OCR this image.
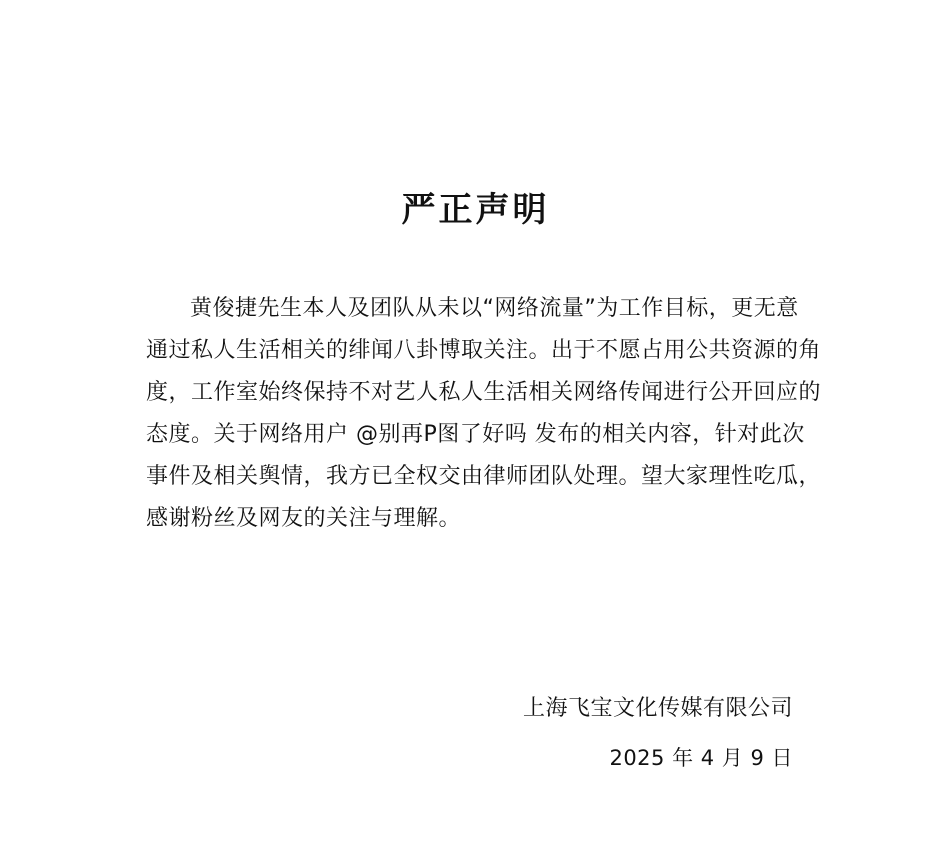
严正声明

黄俊捷先生本人及团队从未以“网络流量”为工作目标，更无意
通过私人生活相关的绯闻八卦博取关注。出于不愿占用公共资源的角
度，工作室始终保持不对艺人私人生活相关网络传闻进行公开回应的
态度。关于网络用户 @别再P图了好吗 发布的相关内容，针对此次
事件及相关舆情，我方已全权交由律师团队处理。望大家理性吃瓜，
感谢粉丝及网友的关注与理解。

上海飞宝文化传媒有限公司
2025 年 4 月 9 日
